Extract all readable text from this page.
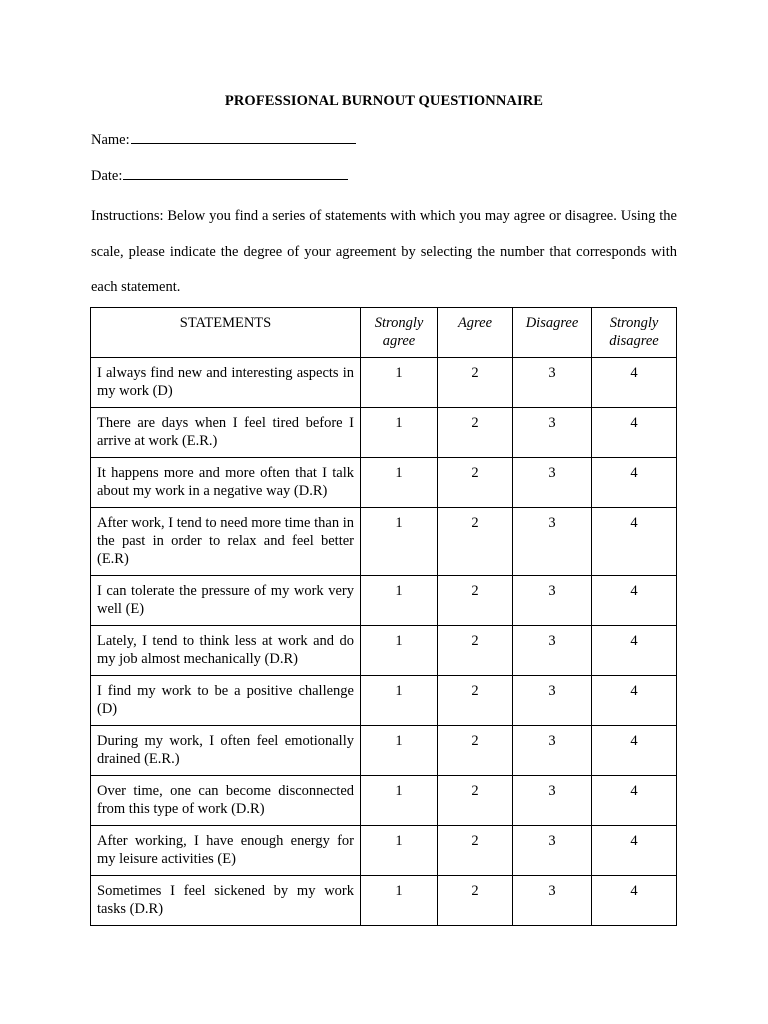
PROFESSIONAL BURNOUT QUESTIONNAIRE
Name:
Date:
Instructions: Below you find a series of statements with which you may agree or disagree. Using the scale, please indicate the degree of your agreement by selecting the number that corresponds with each statement.
STATEMENTS	Strongly agree	Agree	Disagree	Strongly disagree
I always find new and interesting aspects in my work (D)	1	2	3	4
There are days when I feel tired before I arrive at work (E.R.)	1	2	3	4
It happens more and more often that I talk about my work in a negative way (D.R)	1	2	3	4
After work, I tend to need more time than in the past in order to relax and feel better (E.R)	1	2	3	4
I can tolerate the pressure of my work very well (E)	1	2	3	4
Lately, I tend to think less at work and do my job almost mechanically (D.R)	1	2	3	4
I find my work to be a positive challenge (D)	1	2	3	4
During my work, I often feel emotionally drained (E.R.)	1	2	3	4
Over time, one can become disconnected from this type of work (D.R)	1	2	3	4
After working, I have enough energy for my leisure activities (E)	1	2	3	4
Sometimes I feel sickened by my work tasks (D.R)	1	2	3	4
